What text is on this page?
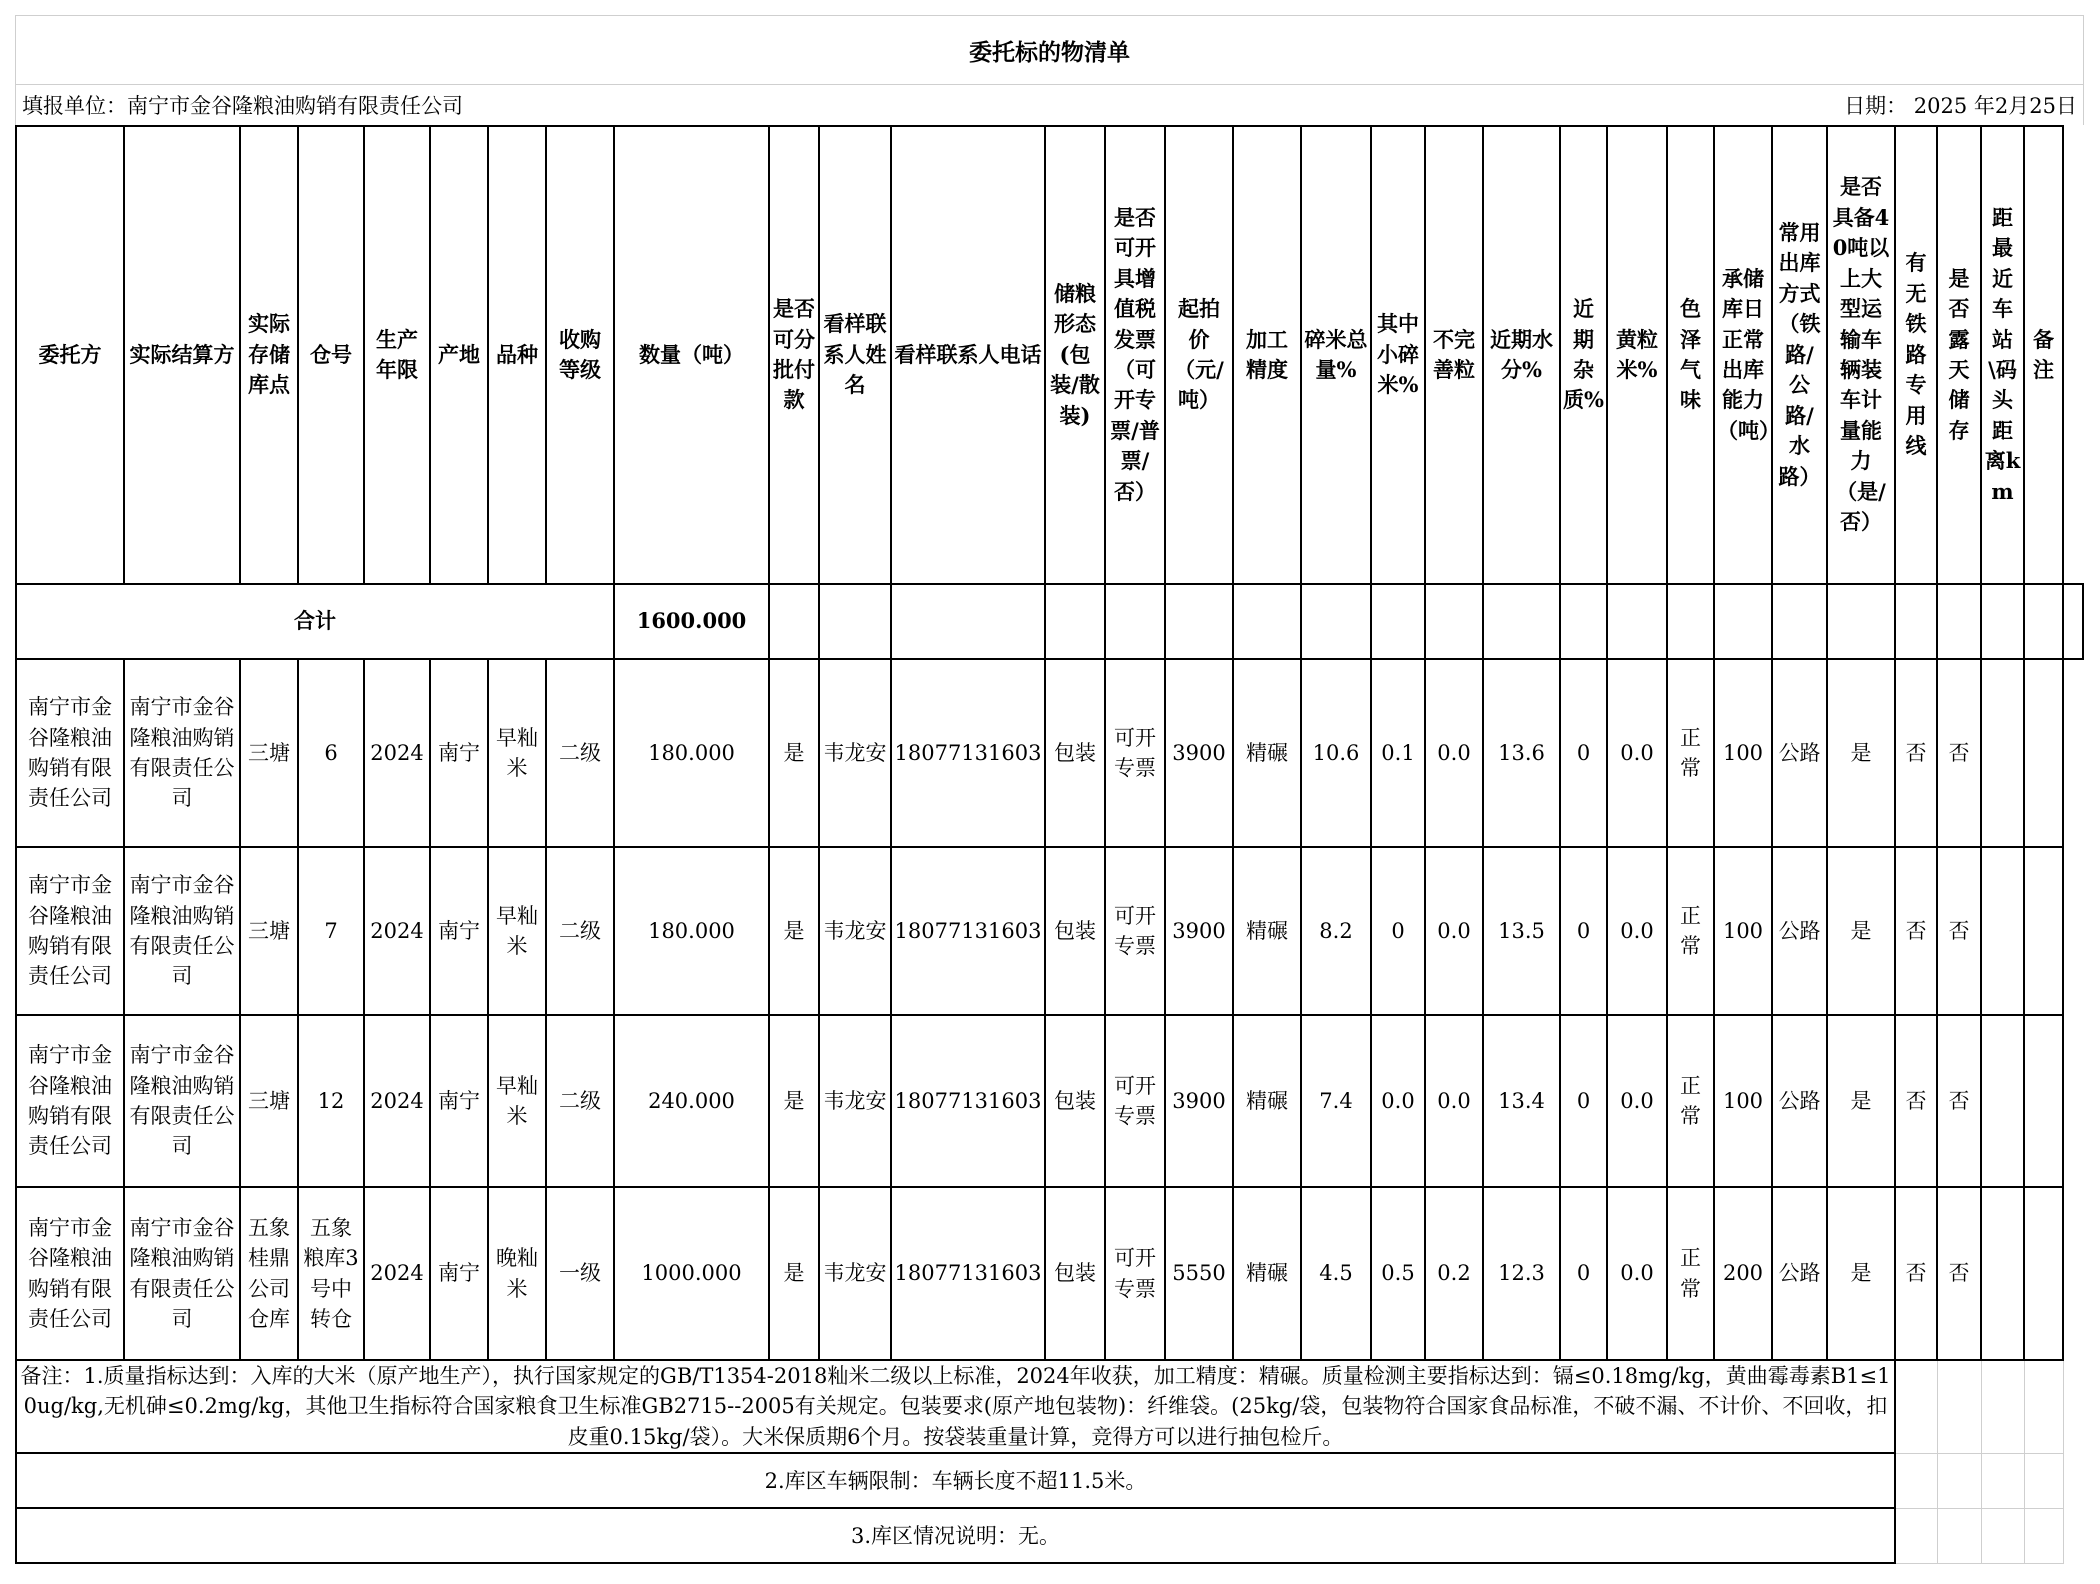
委托标的物清单
填报单位：南宁市金谷隆粮油购销有限责任公司	日期： 2025 年2月25日
委托方	实际结算方	实际存储库点	仓号	生产年限	产地	品种	收购等级	数量（吨）	是否可分批付款	看样联系人姓名	看样联系人电话	储粮形态(包装/散装)	是否可开具增值税发票（可开专票/普票/否）	起拍价（元/吨）	加工精度	碎米总量%	其中小碎米%	不完善粒	近期水分%	近期杂质%	黄粒米%	色泽气味	承储库日正常出库能力（吨）	常用出库方式（铁路/公路/水路）	是否具备40吨以上大型运输车辆装车计量能力（是/否）	有无铁路专用线	是否露天储存	距最近车站\码头距离km	备注	
合计								1600.000																						
南宁市金谷隆粮油购销有限责任公司	南宁市金谷隆粮油购销有限责任公司	三塘	6	2024	南宁	早籼米	二级	180.000	是	韦龙安	18077131603	包装	可开专票	3900	精碾	10.6	0.1	0.0	13.6	0	0.0	正常	100	公路	是	否	否			
南宁市金谷隆粮油购销有限责任公司	南宁市金谷隆粮油购销有限责任公司	三塘	7	2024	南宁	早籼米	二级	180.000	是	韦龙安	18077131603	包装	可开专票	3900	精碾	8.2	0	0.0	13.5	0	0.0	正常	100	公路	是	否	否			
南宁市金谷隆粮油购销有限责任公司	南宁市金谷隆粮油购销有限责任公司	三塘	12	2024	南宁	早籼米	二级	240.000	是	韦龙安	18077131603	包装	可开专票	3900	精碾	7.4	0.0	0.0	13.4	0	0.0	正常	100	公路	是	否	否			
南宁市金谷隆粮油购销有限责任公司	南宁市金谷隆粮油购销有限责任公司	五象桂鼎公司仓库	五象粮库3号中转仓	2024	南宁	晚籼米	一级	1000.000	是	韦龙安	18077131603	包装	可开专票	5550	精碾	4.5	0.5	0.2	12.3	0	0.0	正常	200	公路	是	否	否			
备注：1.质量指标达到：入库的大米（原产地生产），执行国家规定的GB/T1354-2018籼米二级以上标准，2024年收获，加工精度：精碾。质量检测主要指标达到：镉≤0.18mg/kg，黄曲霉毒素B1≤10ug/kg,无机砷≤0.2mg/kg，其他卫生指标符合国家粮食卫生标准GB2715--2005有关规定。包装要求(原产地包装物)：纤维袋。(25kg/袋，包装物符合国家食品标准，不破不漏、不计价、不回收，扣皮重0.15kg/袋）。大米保质期6个月。按袋装重量计算，竞得方可以进行抽包检斤。																														
2.库区车辆限制：车辆长度不超11.5米。																														
3.库区情况说明：无。																														
